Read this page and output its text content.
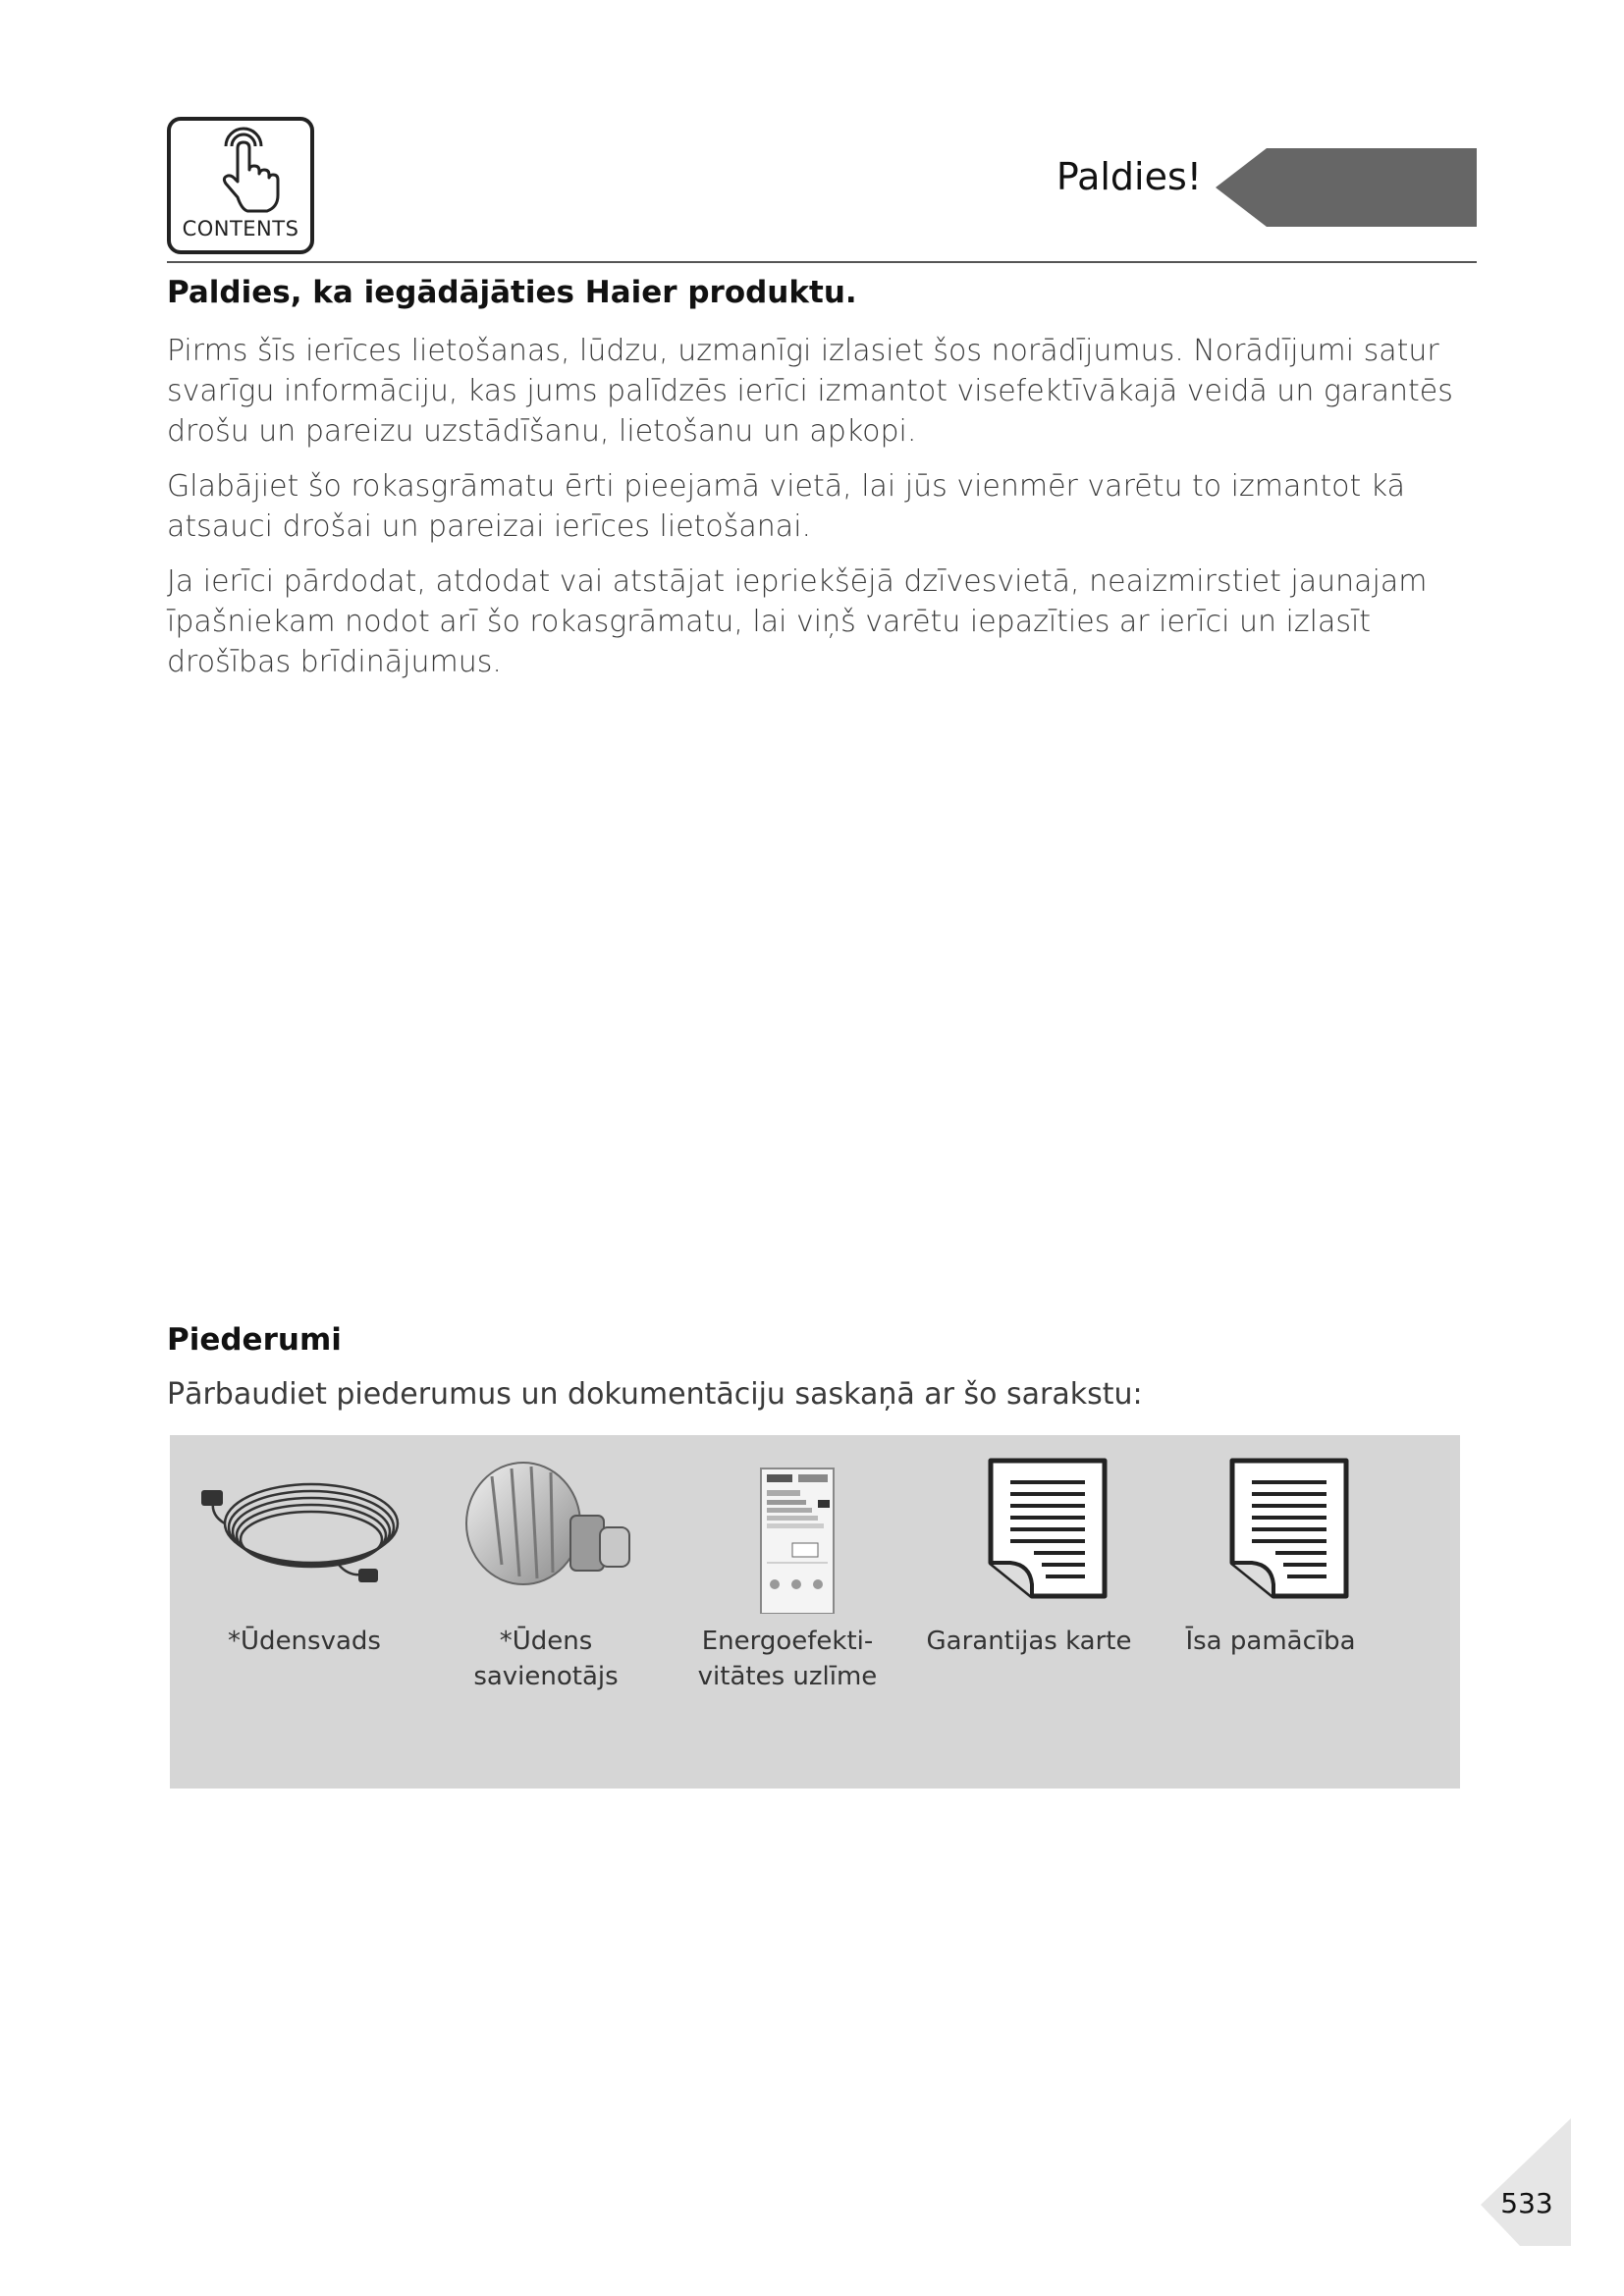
CONTENTS
Paldies!
Paldies, ka iegādājāties Haier produktu.

Pirms šīs ierīces lietošanas, lūdzu, uzmanīgi izlasiet šos norādījumus. Norādījumi satur svarīgu informāciju, kas jums palīdzēs ierīci izmantot visefektīvākajā veidā un garantēs drošu un pareizu uzstādīšanu, lietošanu un apkopi.

Glabājiet šo rokasgrāmatu ērti pieejamā vietā, lai jūs vienmēr varētu to izmantot kā atsauci drošai un pareizai ierīces lietošanai.

Ja ierīci pārdodat, atdodat vai atstājat iepriekšējā dzīvesvietā, neaizmirstiet jaunajam īpašniekam nodot arī šo rokasgrāmatu, lai viņš varētu iepazīties ar ierīci un izlasīt drošības brīdinājumus.

Piederumi
Pārbaudiet piederumus un dokumentāciju saskaņā ar šo sarakstu:
*Ūdensvads	*Ūdens savienotājs
Energoefekti-
vitātes uzlīme
Garantijas karte	Īsa pamācība
533
